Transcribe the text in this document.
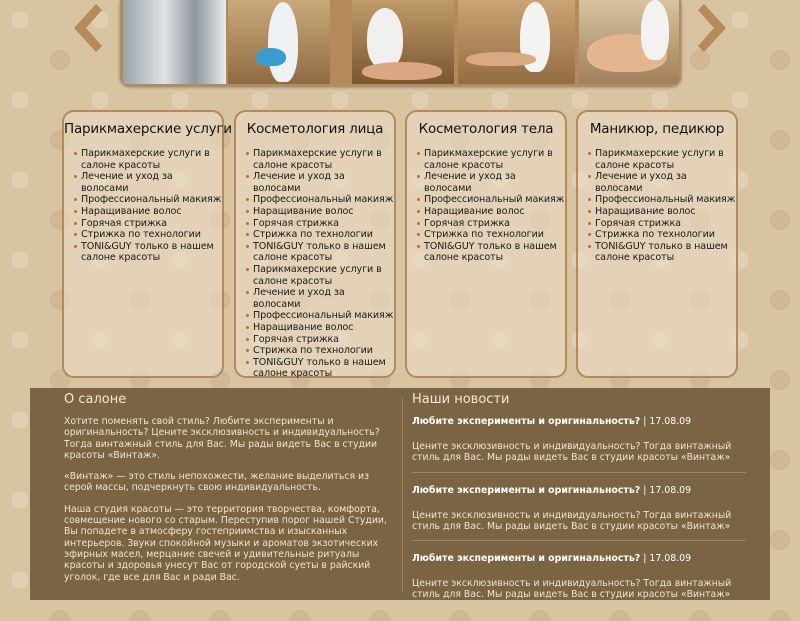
Парикмахерские услуги
Парикмахерские услуги в салоне красоты
Лечение и уход за волосами
Профессиональный макияж
Наращивание волос
Горячая стрижка
Стрижка по технологии
TONI&GUY только в нашем салоне красоты
Косметология лица
Парикмахерские услуги в салоне красоты
Лечение и уход за волосами
Профессиональный макияж
Наращивание волос
Горячая стрижка
Стрижка по технологии
TONI&GUY только в нашем салоне красоты
Парикмахерские услуги в салоне красоты
Лечение и уход за волосами
Профессиональный макияж
Наращивание волос
Горячая стрижка
Стрижка по технологии
TONI&GUY только в нашем салоне красоты
Косметология тела
Парикмахерские услуги в салоне красоты
Лечение и уход за волосами
Профессиональный макияж
Наращивание волос
Горячая стрижка
Стрижка по технологии
TONI&GUY только в нашем салоне красоты
Маникюр, педикюр
Парикмахерские услуги в салоне красоты
Лечение и уход за волосами
Профессиональный макияж
Наращивание волос
Горячая стрижка
Стрижка по технологии
TONI&GUY только в нашем салоне красоты
О салоне

Хотите поменять свой стиль? Любите эксперименты и оригинальность? Цените эксклюзивность и индивидуальность? Тогда винтажный стиль для Вас. Мы рады видеть Вас в студии красоты «Винтаж».

«Винтаж» — это стиль непохожести, желание выделиться из серой массы, подчеркнуть свою индивидуальность.

Наша студия красоты — это территория творчества, комфорта, совмещение нового со старым. Переступив порог нашей Студии, Вы попадете в атмосферу гостеприимства и изысканных интерьеров. Звуки спокойной музыки и ароматов экзотических эфирных масел, мерцание свечей и удивительные ритуалы красоты и здоровья унесут Вас от городской суеты в райский уголок, где все для Вас и ради Вас.

Наши новости
Любите эксперименты и оригинальность? | 17.08.09
Цените эксклюзивность и индивидуальность? Тогда винтажный стиль для Вас. Мы рады видеть Вас в студии красоты «Винтаж»
Любите эксперименты и оригинальность? | 17.08.09
Цените эксклюзивность и индивидуальность? Тогда винтажный стиль для Вас. Мы рады видеть Вас в студии красоты «Винтаж»
Любите эксперименты и оригинальность? | 17.08.09
Цените эксклюзивность и индивидуальность? Тогда винтажный стиль для Вас. Мы рады видеть Вас в студии красоты «Винтаж»
